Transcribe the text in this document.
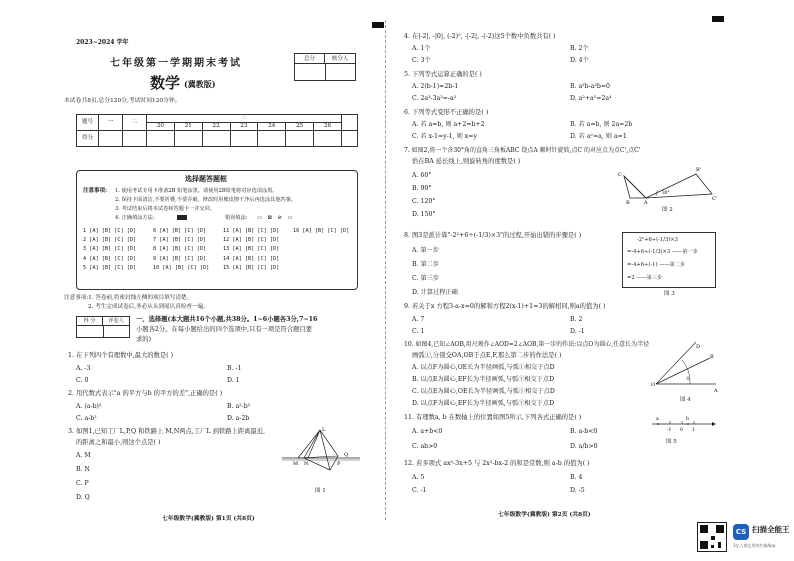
2023~2024 学年
七年级第一学期期末考试
数学 (冀教版)
总分	核分人
本试卷共8页,总分120分,考试时间120分钟。
题号	一	二	三							
			20	21	22	23	24	25	26	
得分										
选择题答题框
注意事项: 1. 使用考试专用卡准备2B 铅笔涂黑。请使用2B铅笔将对应选项涂黑。
2. 保持卡面清洁,不要折叠,不要弄破。修改时用橡皮擦干净后再选涂其他答案。
3. 考试结束后将本试卷和答题卡一并交回。
4. 正确填涂方法:	错误填涂: ▭ ⊠ ⊘ ▭
1 [A] [B] [C] [D]	6 [A] [B] [C] [D]	11 [A] [B] [C] [D]	16 [A] [B] [C] [D]
2 [A] [B] [C] [D]	7 [A] [B] [C] [D]	12 [A] [B] [C] [D]
3 [A] [B] [C] [D]	8 [A] [B] [C] [D]	13 [A] [B] [C] [D]
4 [A] [B] [C] [D]	9 [A] [B] [C] [D]	14 [A] [B] [C] [D]
5 [A] [B] [C] [D]	10 [A] [B] [C] [D]	15 [A] [B] [C] [D]
注意事项:1. 答卷前,将密封线左侧的项目填写清楚。
2. 考生完成试卷后,务必从头到尾认真检查一遍。
得 分	评卷人	一、选择题(本大题共16个小题,共38分。1~6小题各3分,7~16
小题各2分。在每小题给出的四个选项中,只有一项是符合题目要
求的)
1. 在下列四个有理数中,最大的数是( )
A. -3	B. -1
C. 0	D. 1
2. 用代数式表示"a 的平方与b 的平方的差",正确的是( )
A. (a-b)²	B. a²-b²
C. a-b²	D. a-2b
3. 如图1,已知工厂L,P,Q 和铁路上 M,N两点,工厂L 到铁路上距离最近,
的距离之和最小,则这个点是( )
A. M
B. N
C. P
D. Q
M N	P
Q
L
图 1
七年级数学(冀教版) 第1页 (共8页)
4. 在|-2|, -|0|, (-2)⁵, -|-2|, -(-2)这5个数中负数共有( )
A. 1个	B. 2个
C. 3个	D. 4个
5. 下列等式运算正确的是( )
A. 2(b-1)=2b-1	B. a²b-a²b=0
C. 2a³-3a³=-a²	D. a²+a²=2a⁴
6. 下列等式变形不正确的是( )
A. 若 a=b, 则 a+2=b+2	B. 若 a=b, 则 2a=2b
C. 若 x-1=y-1, 则 x=y	D. 若 a²=a, 则 a=1
7. 如图2,将一个含30°角的直角三角板ABC 绕点A 顺时针旋转,点C 的对应点为点C',点C'
恰在BA 延长线上,则旋转角的度数是( )
A. 60°
B. 90°
C. 120°
D. 150°
B'
C
A
B
C'
30°
图 2
8. 图3是派计算"-2²+6÷(-1/3)×3"的过程,开始出错的步骤是( )
A. 第一步
B. 第二步
C. 第三步
D. 计算过程正确
-2²+6÷(-1/3)×3
=-4+6÷(-1/3)×3 ——第一步
=-4+6÷(-1) ——第二步
=2 ——第三步
图 3
9. 若关于x 方程3-a-x=0的解和方程2(x-1)+1=3的解相同,则a的值为( )
A. 7	B. 2
C. 1	D. -1
10. 如图4,已知∠AOB,用尺规作∠AOD=2∠AOB,第一步的作法:以点O为圆心,任意长为半径
画弧①,分别交OA,OB于点E,F,那么第二步的作法是( )
A. 以点F为圆心,OE长为半径画弧,与弧①相交于点D
B. 以点E为圆心,EF长为半径画弧,与弧①相交于点D
C. 以点E为圆心,OE长为半径画弧,与弧①相交于点D
D. 以点F为圆心,EF长为半径画弧,与弧①相交于点D
O
A
B
D
①
图 4
11. 有理数a, b 在数轴上的位置如图5所示,下列各式正确的是( )
A. a+b<0	B. a-b<0
C. ab>0	D. a/b>0
a	b
-1 0 1
图 5
12. 若多项式 ax²-3x+5 与 2x²-bx-2 的和是常数,则 a-b 的值为( )
A. 5	B. 4
C. -1	D. -5
七年级数学(冀教版) 第2页 (共8页)
CS 扫描全能王
3亿人都在用的扫描App
